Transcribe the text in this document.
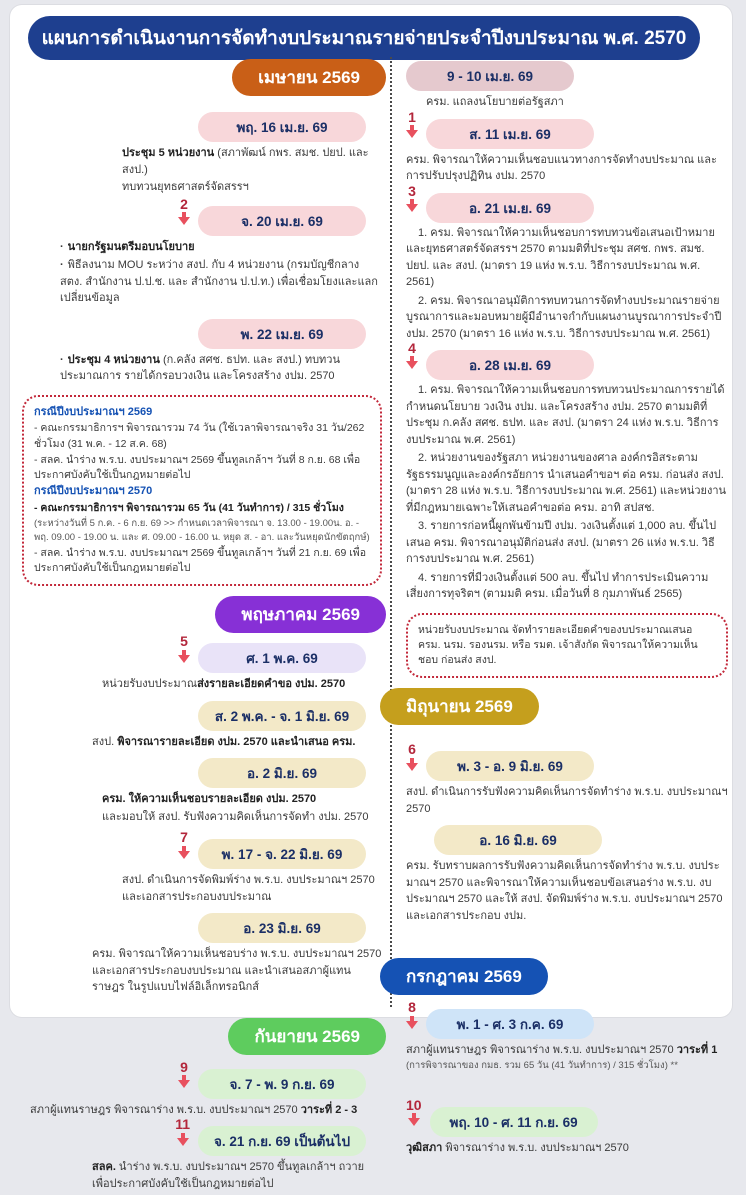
แผนการดำเนินงานการจัดทำงบประมาณรายจ่ายประจำปีงบประมาณ พ.ศ. 2570
เมษายน 2569
พฤ. 16 เม.ย. 69

ประชุม 5 หน่วยงาน (สภาพัฒน์ กพร. สมช. ปยป. และ สงป.)

ทบทวนยุทธศาสตร์จัดสรรฯ

2
จ. 20 เม.ย. 69

· นายกรัฐมนตรีมอบนโยบาย

· พิธีลงนาม MOU ระหว่าง สงป. กับ 4 หน่วยงาน (กรมบัญชีกลาง สตง. สำนักงาน ป.ป.ช. และ สำนักงาน ป.ป.ท.) เพื่อเชื่อมโยงและแลกเปลี่ยนข้อมูล

พ. 22 เม.ย. 69

· ประชุม 4 หน่วยงาน (ก.คลัง สศช. ธปท. และ สงป.) ทบทวนประมาณการ รายได้กรอบวงเงิน และโครงสร้าง งปม. 2570

กรณีปีงบประมาณฯ 2569

- คณะกรรมาธิการฯ พิจารณารวม 74 วัน (ใช้เวลาพิจารณาจริง 31 วัน/262 ชั่วโมง (31 พ.ค. - 12 ส.ค. 68)

- สลค. นำร่าง พ.ร.บ. งบประมาณฯ 2569 ขึ้นทูลเกล้าฯ วันที่ 8 ก.ย. 68 เพื่อประกาศบังคับใช้เป็นกฎหมายต่อไป

กรณีปีงบประมาณฯ 2570

- คณะกรรมาธิการฯ พิจารณารวม 65 วัน (41 วันทำการ) / 315 ชั่วโมง

(ระหว่างวันที่ 5 ก.ค. - 6 ก.ย. 69 >> กำหนดเวลาพิจารณา จ. 13.00 - 19.00น. อ. - พฤ. 09.00 - 19.00 น. และ ศ. 09.00 - 16.00 น. หยุด ส. - อา. และวันหยุดนักขัตฤกษ์)

- สลค. นำร่าง พ.ร.บ. งบประมาณฯ 2569 ขึ้นทูลเกล้าฯ วันที่ 21 ก.ย. 69 เพื่อประกาศบังคับใช้เป็นกฎหมายต่อไป

พฤษภาคม 2569
5
ศ. 1 พ.ค. 69

หน่วยรับงบประมาณส่งรายละเอียดคำขอ งปม. 2570

ส. 2 พ.ค. - จ. 1 มิ.ย. 69

สงป. พิจารณารายละเอียด งปม. 2570 และนำเสนอ ครม.

อ. 2 มิ.ย. 69

ครม. ให้ความเห็นชอบรายละเอียด งปม. 2570

และมอบให้ สงป. รับฟังความคิดเห็นการจัดทำ งปม. 2570

7
พ. 17 - จ. 22 มิ.ย. 69

สงป. ดำเนินการจัดพิมพ์ร่าง พ.ร.บ. งบประมาณฯ 2570 และเอกสารประกอบงบประมาณ

อ. 23 มิ.ย. 69

ครม. พิจารณาให้ความเห็นชอบร่าง พ.ร.บ. งบประมาณฯ 2570 และเอกสารประกอบงบประมาณ และนำเสนอสภาผู้แทนราษฎร ในรูปแบบไฟล์อิเล็กทรอนิกส์

กันยายน 2569
9
จ. 7 - พ. 9 ก.ย. 69

สภาผู้แทนราษฎร พิจารณาร่าง พ.ร.บ. งบประมาณฯ 2570 วาระที่ 2 - 3

11
จ. 21 ก.ย. 69 เป็นต้นไป

สลค. นำร่าง พ.ร.บ. งบประมาณฯ 2570 ขึ้นทูลเกล้าฯ ถวาย เพื่อประกาศบังคับใช้เป็นกฎหมายต่อไป

9 - 10 เม.ย. 69

ครม. แถลงนโยบายต่อรัฐสภา

1
ส. 11 เม.ย. 69

ครม. พิจารณาให้ความเห็นชอบแนวทางการจัดทำงบประมาณ และการปรับปรุงปฏิทิน งปม. 2570

3
อ. 21 เม.ย. 69

1. ครม. พิจารณาให้ความเห็นชอบการทบทวนข้อเสนอเป้าหมายและยุทธศาสตร์จัดสรรฯ 2570 ตามมติที่ประชุม สศช. กพร. สมช. ปยป. และ สงป. (มาตรา 19 แห่ง พ.ร.บ. วิธีการงบประมาณ พ.ศ. 2561)

2. ครม. พิจารณาอนุมัติการทบทวนการจัดทำงบประมาณรายจ่ายบูรณาการและมอบหมายผู้มีอำนาจกำกับแผนงานบูรณาการประจำปี งปม. 2570 (มาตรา 16 แห่ง พ.ร.บ. วิธีการงบประมาณ พ.ศ. 2561)

4
อ. 28 เม.ย. 69

1. ครม. พิจารณาให้ความเห็นชอบการทบทวนประมาณการรายได้ กำหนดนโยบาย วงเงิน งปม. และโครงสร้าง งปม. 2570 ตามมติที่ประชุม ก.คลัง สศช. ธปท. และ สงป. (มาตรา 24 แห่ง พ.ร.บ. วิธีการงบประมาณ พ.ศ. 2561)

2. หน่วยงานของรัฐสภา หน่วยงานของศาล องค์กรอิสระตามรัฐธรรมนูญและองค์กรอัยการ นำเสนอคำขอฯ ต่อ ครม. ก่อนส่ง สงป. (มาตรา 28 แห่ง พ.ร.บ. วิธีการงบประมาณ พ.ศ. 2561) และหน่วยงานที่มีกฎหมายเฉพาะให้เสนอคำขอต่อ ครม. อาทิ สปสช.

3. รายการก่อหนี้ผูกพันข้ามปี งปม. วงเงินตั้งแต่ 1,000 ลบ. ขึ้นไป เสนอ ครม. พิจารณาอนุมัติก่อนส่ง สงป. (มาตรา 26 แห่ง พ.ร.บ. วิธีการงบประมาณ พ.ศ. 2561)

4. รายการที่มีวงเงินตั้งแต่ 500 ลบ. ขึ้นไป ทำการประเมินความเสี่ยงการทุจริตฯ (ตามมติ ครม. เมื่อวันที่ 8 กุมภาพันธ์ 2565)

หน่วยรับงบประมาณ จัดทำรายละเอียดคำของบประมาณเสนอ ครม. นรม. รองนรม. หรือ รมต. เจ้าสังกัด พิจารณาให้ความเห็นชอบ ก่อนส่ง สงป.

มิถุนายน 2569
6
พ. 3 - อ. 9 มิ.ย. 69

สงป. ดำเนินการรับฟังความคิดเห็นการจัดทำร่าง พ.ร.บ. งบประมาณฯ 2570

อ. 16 มิ.ย. 69

ครม. รับทราบผลการรับฟังความคิดเห็นการจัดทำร่าง พ.ร.บ. งบประมาณฯ 2570 และพิจารณาให้ความเห็นชอบข้อเสนอร่าง พ.ร.บ. งบประมาณฯ 2570 และให้ สงป. จัดพิมพ์ร่าง พ.ร.บ. งบประมาณฯ 2570 และเอกสารประกอบ งปม.

กรกฎาคม 2569
8
พ. 1 - ศ. 3 ก.ค. 69

สภาผู้แทนราษฎร พิจารณาร่าง พ.ร.บ. งบประมาณฯ 2570 วาระที่ 1

(การพิจารณาของ กมธ. รวม 65 วัน (41 วันทำการ) / 315 ชั่วโมง) **

10
พฤ. 10 - ศ. 11 ก.ย. 69

วุฒิสภา พิจารณาร่าง พ.ร.บ. งบประมาณฯ 2570
